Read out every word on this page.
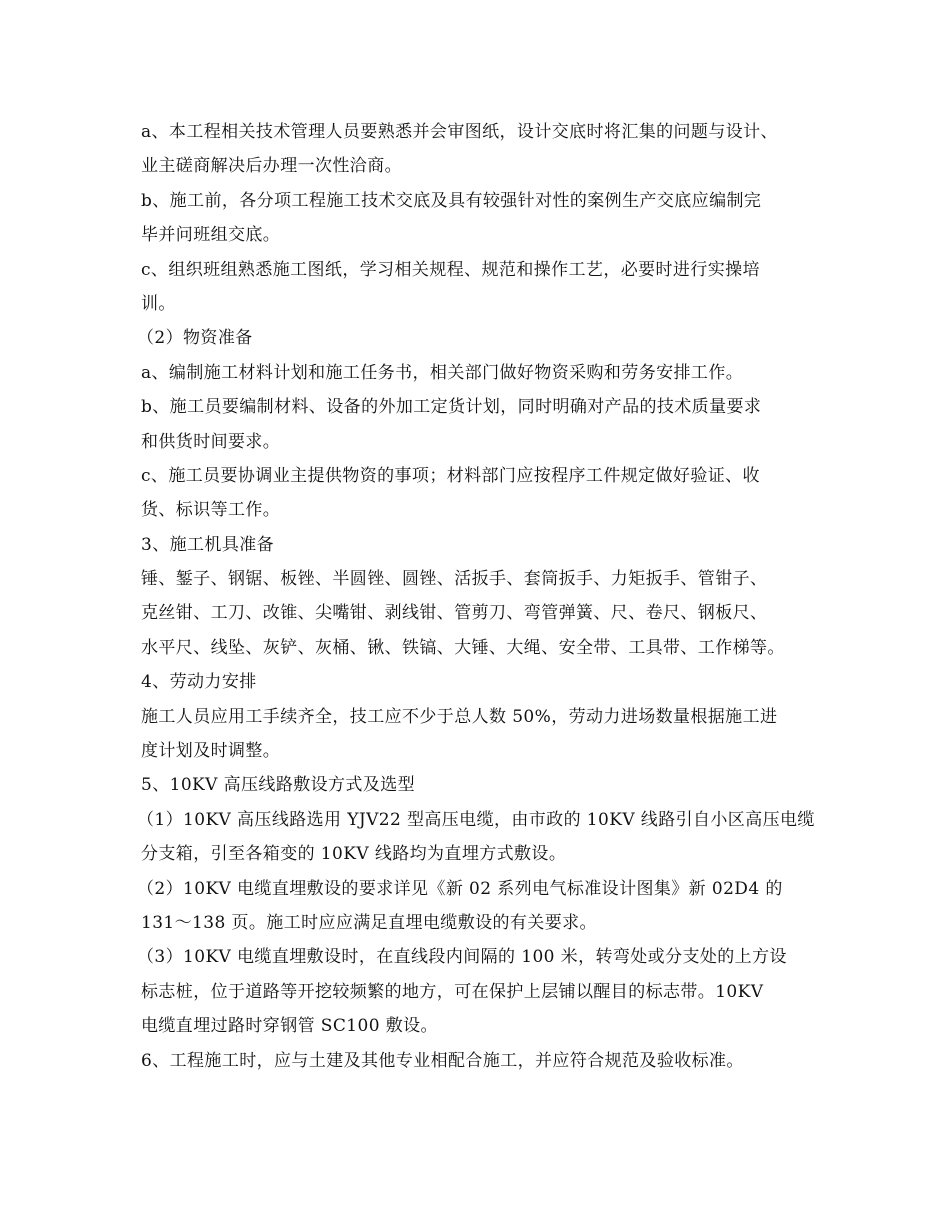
a、本工程相关技术管理人员要熟悉并会审图纸，设计交底时将汇集的问题与设计、
业主磋商解决后办理一次性洽商。
b、施工前，各分项工程施工技术交底及具有较强针对性的案例生产交底应编制完
毕并问班组交底。
c、组织班组熟悉施工图纸，学习相关规程、规范和操作工艺，必要时进行实操培
训。
（2）物资准备
a、编制施工材料计划和施工任务书，相关部门做好物资采购和劳务安排工作。
b、施工员要编制材料、设备的外加工定货计划，同时明确对产品的技术质量要求
和供货时间要求。
c、施工员要协调业主提供物资的事项；材料部门应按程序工件规定做好验证、收
货、标识等工作。
3、施工机具准备
锤、錾子、钢锯、板锉、半圆锉、圆锉、活扳手、套筒扳手、力矩扳手、管钳子、
克丝钳、工刀、改锥、尖嘴钳、剥线钳、管剪刀、弯管弹簧、尺、卷尺、钢板尺、
水平尺、线坠、灰铲、灰桶、锹、铁镐、大锤、大绳、安全带、工具带、工作梯等。
4、劳动力安排
施工人员应用工手续齐全，技工应不少于总人数 50%，劳动力进场数量根据施工进
度计划及时调整。
5、10KV 高压线路敷设方式及选型
（1）10KV 高压线路选用 YJV22 型高压电缆，由市政的 10KV 线路引自小区高压电缆
分支箱，引至各箱变的 10KV 线路均为直埋方式敷设。
（2）10KV 电缆直埋敷设的要求详见《新 02 系列电气标准设计图集》新 02D4 的
131～138 页。施工时应应满足直埋电缆敷设的有关要求。
（3）10KV 电缆直埋敷设时，在直线段内间隔的 100 米，转弯处或分支处的上方设
标志桩，位于道路等开挖较频繁的地方，可在保护上层铺以醒目的标志带。10KV
电缆直埋过路时穿钢管 SC100 敷设。
6、工程施工时，应与土建及其他专业相配合施工，并应符合规范及验收标准。
